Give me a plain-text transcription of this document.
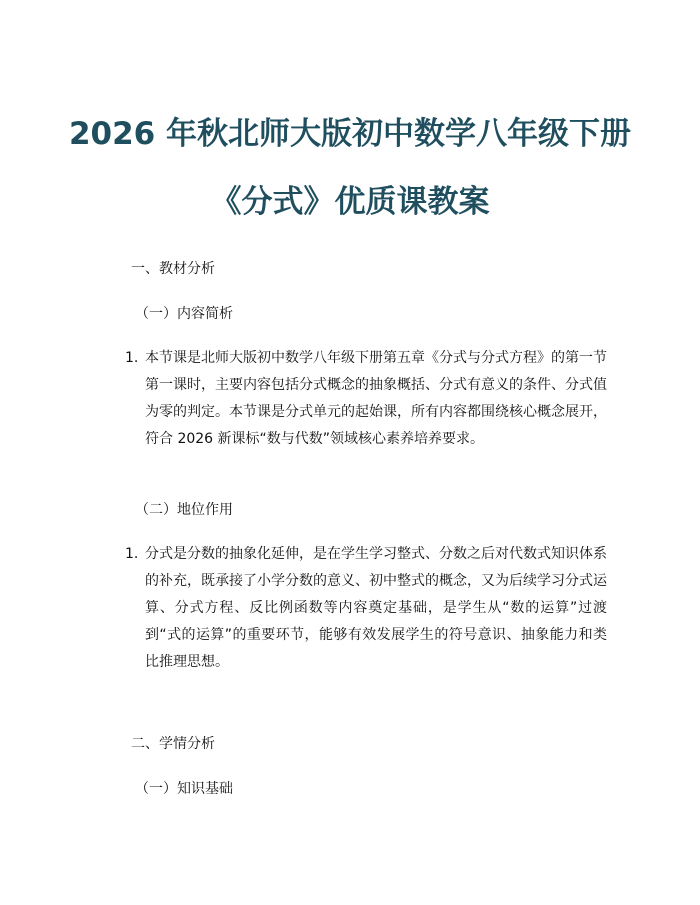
2026 年秋北师大版初中数学八年级下册
《分式》优质课教案
一、教材分析
（一）内容简析
1. 本节课是北师大版初中数学八年级下册第五章《分式与分式方程》的第一节第一课时，主要内容包括分式概念的抽象概括、分式有意义的条件、分式值为零的判定。本节课是分式单元的起始课，所有内容都围绕核心概念展开，符合 2026 新课标“数与代数”领域核心素养培养要求。
（二）地位作用
1. 分式是分数的抽象化延伸，是在学生学习整式、分数之后对代数式知识体系的补充，既承接了小学分数的意义、初中整式的概念，又为后续学习分式运算、分式方程、反比例函数等内容奠定基础，是学生从“数的运算”过渡到“式的运算”的重要环节，能够有效发展学生的符号意识、抽象能力和类比推理思想。
二、学情分析
（一）知识基础
